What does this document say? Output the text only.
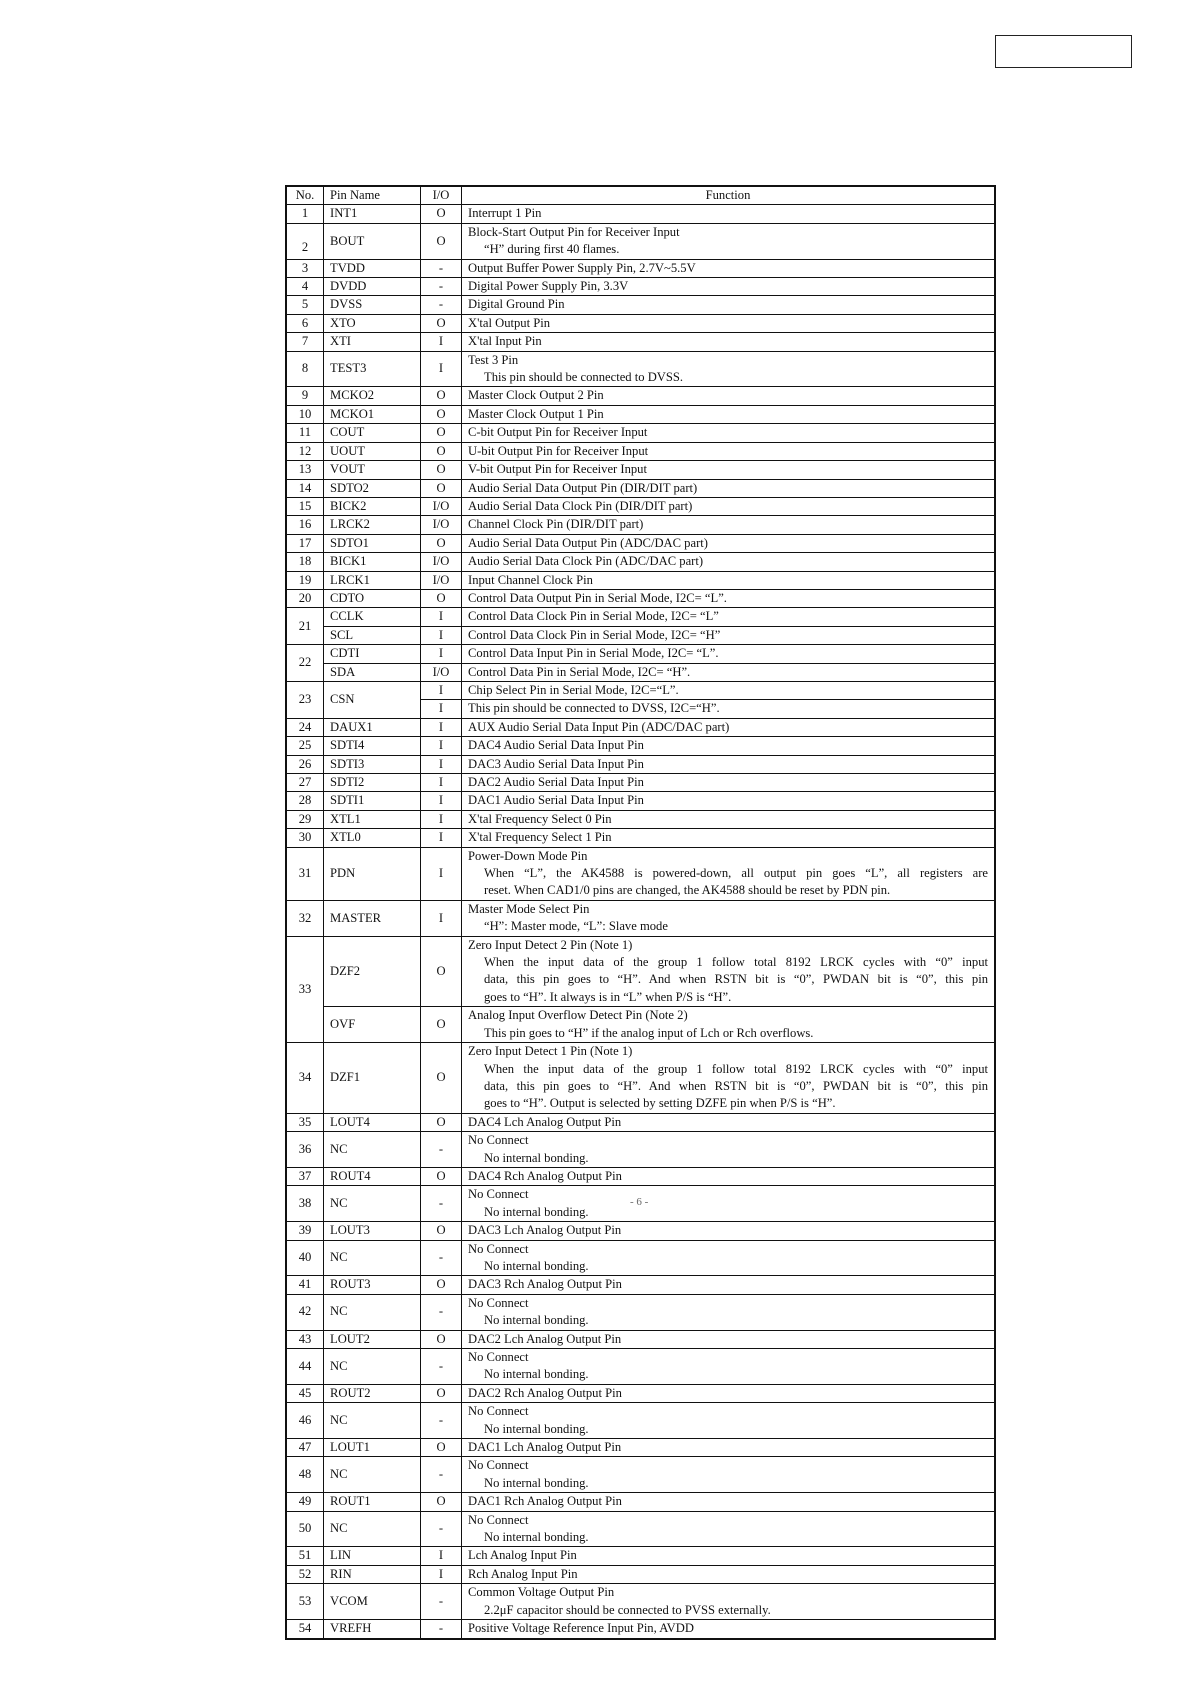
- 6 -
No.	Pin Name	I/O	Function
1	INT1	O	Interrupt 1 Pin

2	BOUT	O	Block-Start Output Pin for Receiver Input
“H” during first 40 flames.

3	TVDD	-	Output Buffer Power Supply Pin, 2.7V~5.5V

4	DVDD	-	Digital Power Supply Pin, 3.3V

5	DVSS	-	Digital Ground Pin

6	XTO	O	X'tal Output Pin

7	XTI	I	X'tal Input Pin

8	TEST3	I	Test 3 Pin
This pin should be connected to DVSS.

9	MCKO2	O	Master Clock Output 2 Pin

10	MCKO1	O	Master Clock Output 1 Pin

11	COUT	O	C-bit Output Pin for Receiver Input

12	UOUT	O	U-bit Output Pin for Receiver Input

13	VOUT	O	V-bit Output Pin for Receiver Input

14	SDTO2	O	Audio Serial Data Output Pin (DIR/DIT part)

15	BICK2	I/O	Audio Serial Data Clock Pin (DIR/DIT part)

16	LRCK2	I/O	Channel Clock Pin (DIR/DIT part)

17	SDTO1	O	Audio Serial Data Output Pin (ADC/DAC part)

18	BICK1	I/O	Audio Serial Data Clock Pin (ADC/DAC part)

19	LRCK1	I/O	Input Channel Clock Pin

20	CDTO	O	Control Data Output Pin in Serial Mode, I2C= “L”.

21	CCLK	I	Control Data Clock Pin in Serial Mode, I2C= “L”
	SCL	I	Control Data Clock Pin in Serial Mode, I2C= “H”
22	CDTI	I	Control Data Input Pin in Serial Mode, I2C= “L”.
	SDA	I/O	Control Data Pin in Serial Mode, I2C= “H”.
23	CSN	I	Chip Select Pin in Serial Mode, I2C=“L”.
		I	This pin should be connected to DVSS, I2C=“H”.
24	DAUX1	I	AUX Audio Serial Data Input Pin (ADC/DAC part)

25	SDTI4	I	DAC4 Audio Serial Data Input Pin

26	SDTI3	I	DAC3 Audio Serial Data Input Pin

27	SDTI2	I	DAC2 Audio Serial Data Input Pin

28	SDTI1	I	DAC1 Audio Serial Data Input Pin

29	XTL1	I	X'tal Frequency Select 0 Pin

30	XTL0	I	X'tal Frequency Select 1 Pin

31	PDN	I	Power-Down Mode Pin
When “L”, the AK4588 is powered-down, all output pin goes “L”, all registers are
reset. When CAD1/0 pins are changed, the AK4588 should be reset by PDN pin.

32	MASTER	I	Master Mode Select Pin
“H”: Master mode, “L”: Slave mode

33	DZF2	O	Zero Input Detect 2 Pin (Note 1)
When the input data of the group 1 follow total 8192 LRCK cycles with “0” input
data, this pin goes to “H”. And when RSTN bit is “0”, PWDAN bit is “0”, this pin
goes to “H”. It always is in “L” when P/S is “H”.

	OVF	O	Analog Input Overflow Detect Pin (Note 2)
This pin goes to “H” if the analog input of Lch or Rch overflows.

34	DZF1	O	Zero Input Detect 1 Pin (Note 1)
When the input data of the group 1 follow total 8192 LRCK cycles with “0” input
data, this pin goes to “H”. And when RSTN bit is “0”, PWDAN bit is “0”, this pin
goes to “H”. Output is selected by setting DZFE pin when P/S is “H”.

35	LOUT4	O	DAC4 Lch Analog Output Pin

36	NC	-	No Connect
No internal bonding.

37	ROUT4	O	DAC4 Rch Analog Output Pin

38	NC	-	No Connect
No internal bonding.

39	LOUT3	O	DAC3 Lch Analog Output Pin

40	NC	-	No Connect
No internal bonding.

41	ROUT3	O	DAC3 Rch Analog Output Pin

42	NC	-	No Connect
No internal bonding.

43	LOUT2	O	DAC2 Lch Analog Output Pin

44	NC	-	No Connect
No internal bonding.

45	ROUT2	O	DAC2 Rch Analog Output Pin

46	NC	-	No Connect
No internal bonding.

47	LOUT1	O	DAC1 Lch Analog Output Pin

48	NC	-	No Connect
No internal bonding.

49	ROUT1	O	DAC1 Rch Analog Output Pin

50	NC	-	No Connect
No internal bonding.

51	LIN	I	Lch Analog Input Pin

52	RIN	I	Rch Analog Input Pin

53	VCOM	-	Common Voltage Output Pin
2.2μF capacitor should be connected to PVSS externally.

54	VREFH	-	Positive Voltage Reference Input Pin, AVDD
